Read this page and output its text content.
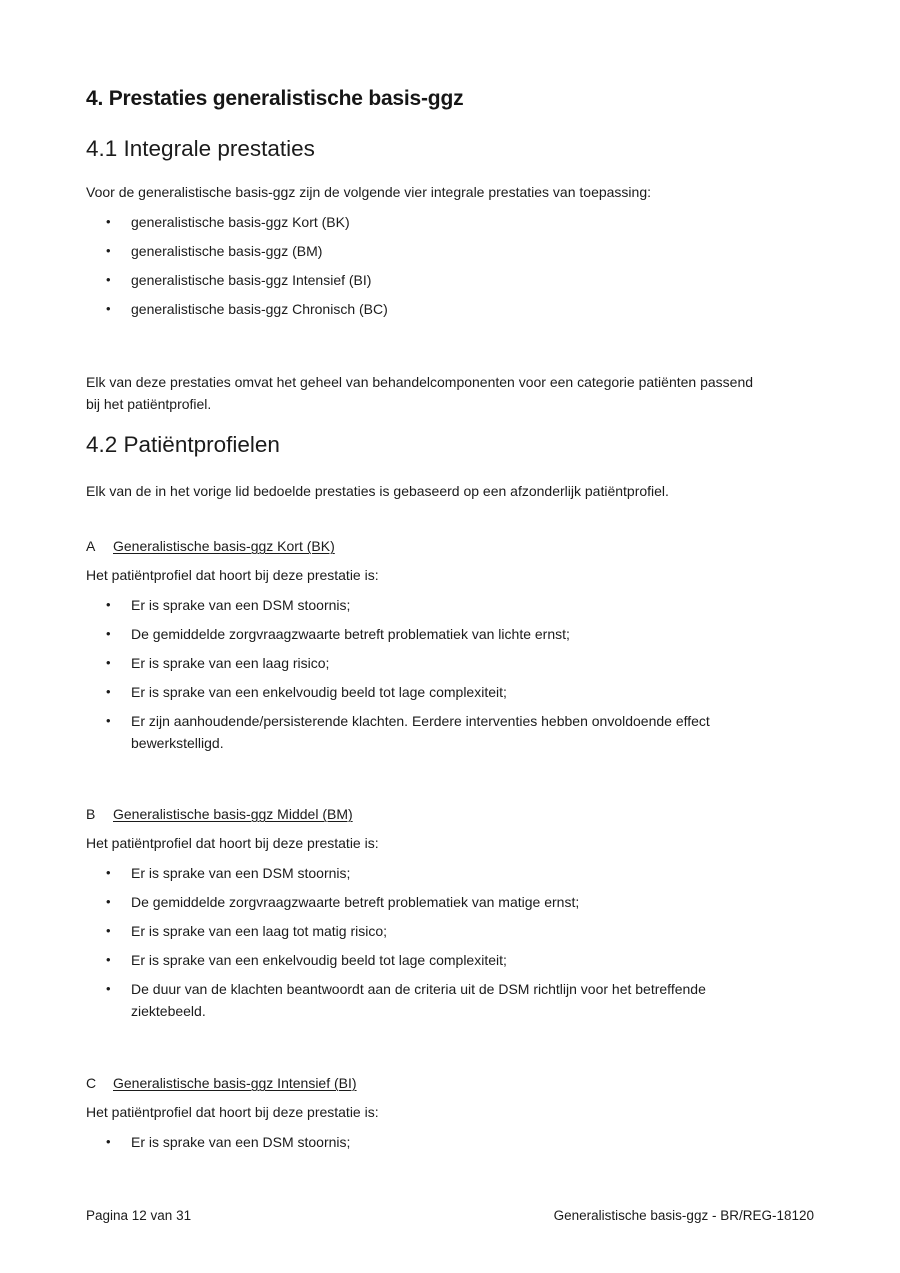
4. Prestaties generalistische basis-ggz
4.1 Integrale prestaties

Voor de generalistische basis-ggz zijn de volgende vier integrale prestaties van toepassing:

• generalistische basis-ggz Kort (BK)
• generalistische basis-ggz (BM)
• generalistische basis-ggz Intensief (BI)
• generalistische basis-ggz Chronisch (BC)

Elk van deze prestaties omvat het geheel van behandelcomponenten voor een categorie patiënten passend bij het patiëntprofiel.

4.2 Patiëntprofielen

Elk van de in het vorige lid bedoelde prestaties is gebaseerd op een afzonderlijk patiëntprofiel.

A Generalistische basis-ggz Kort (BK)

Het patiëntprofiel dat hoort bij deze prestatie is:

• Er is sprake van een DSM stoornis;
• De gemiddelde zorgvraagzwaarte betreft problematiek van lichte ernst;
• Er is sprake van een laag risico;
• Er is sprake van een enkelvoudig beeld tot lage complexiteit;
• Er zijn aanhoudende/persisterende klachten. Eerdere interventies hebben onvoldoende effect bewerkstelligd.
B Generalistische basis-ggz Middel (BM)

Het patiëntprofiel dat hoort bij deze prestatie is:

• Er is sprake van een DSM stoornis;
• De gemiddelde zorgvraagzwaarte betreft problematiek van matige ernst;
• Er is sprake van een laag tot matig risico;
• Er is sprake van een enkelvoudig beeld tot lage complexiteit;
• De duur van de klachten beantwoordt aan de criteria uit de DSM richtlijn voor het betreffende ziektebeeld.
C Generalistische basis-ggz Intensief (BI)

Het patiëntprofiel dat hoort bij deze prestatie is:

• Er is sprake van een DSM stoornis;
Pagina 12 van 31	Generalistische basis-ggz - BR/REG-18120
